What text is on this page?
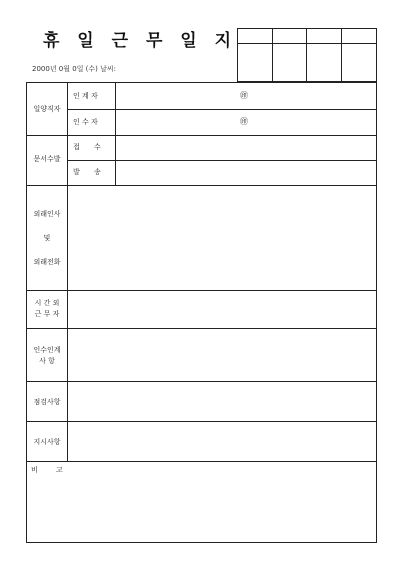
휴 일 근 무 일 지
2000년 0월 0일 (수) 날씨:
일양직자
인 계 자	㊞
인 수 자	㊞
문서수발
접 수
발 송
외래인사
및
외래전화
시 간 외
근 무 자
인수인계
사 항
점검사항
지시사항
비 고
